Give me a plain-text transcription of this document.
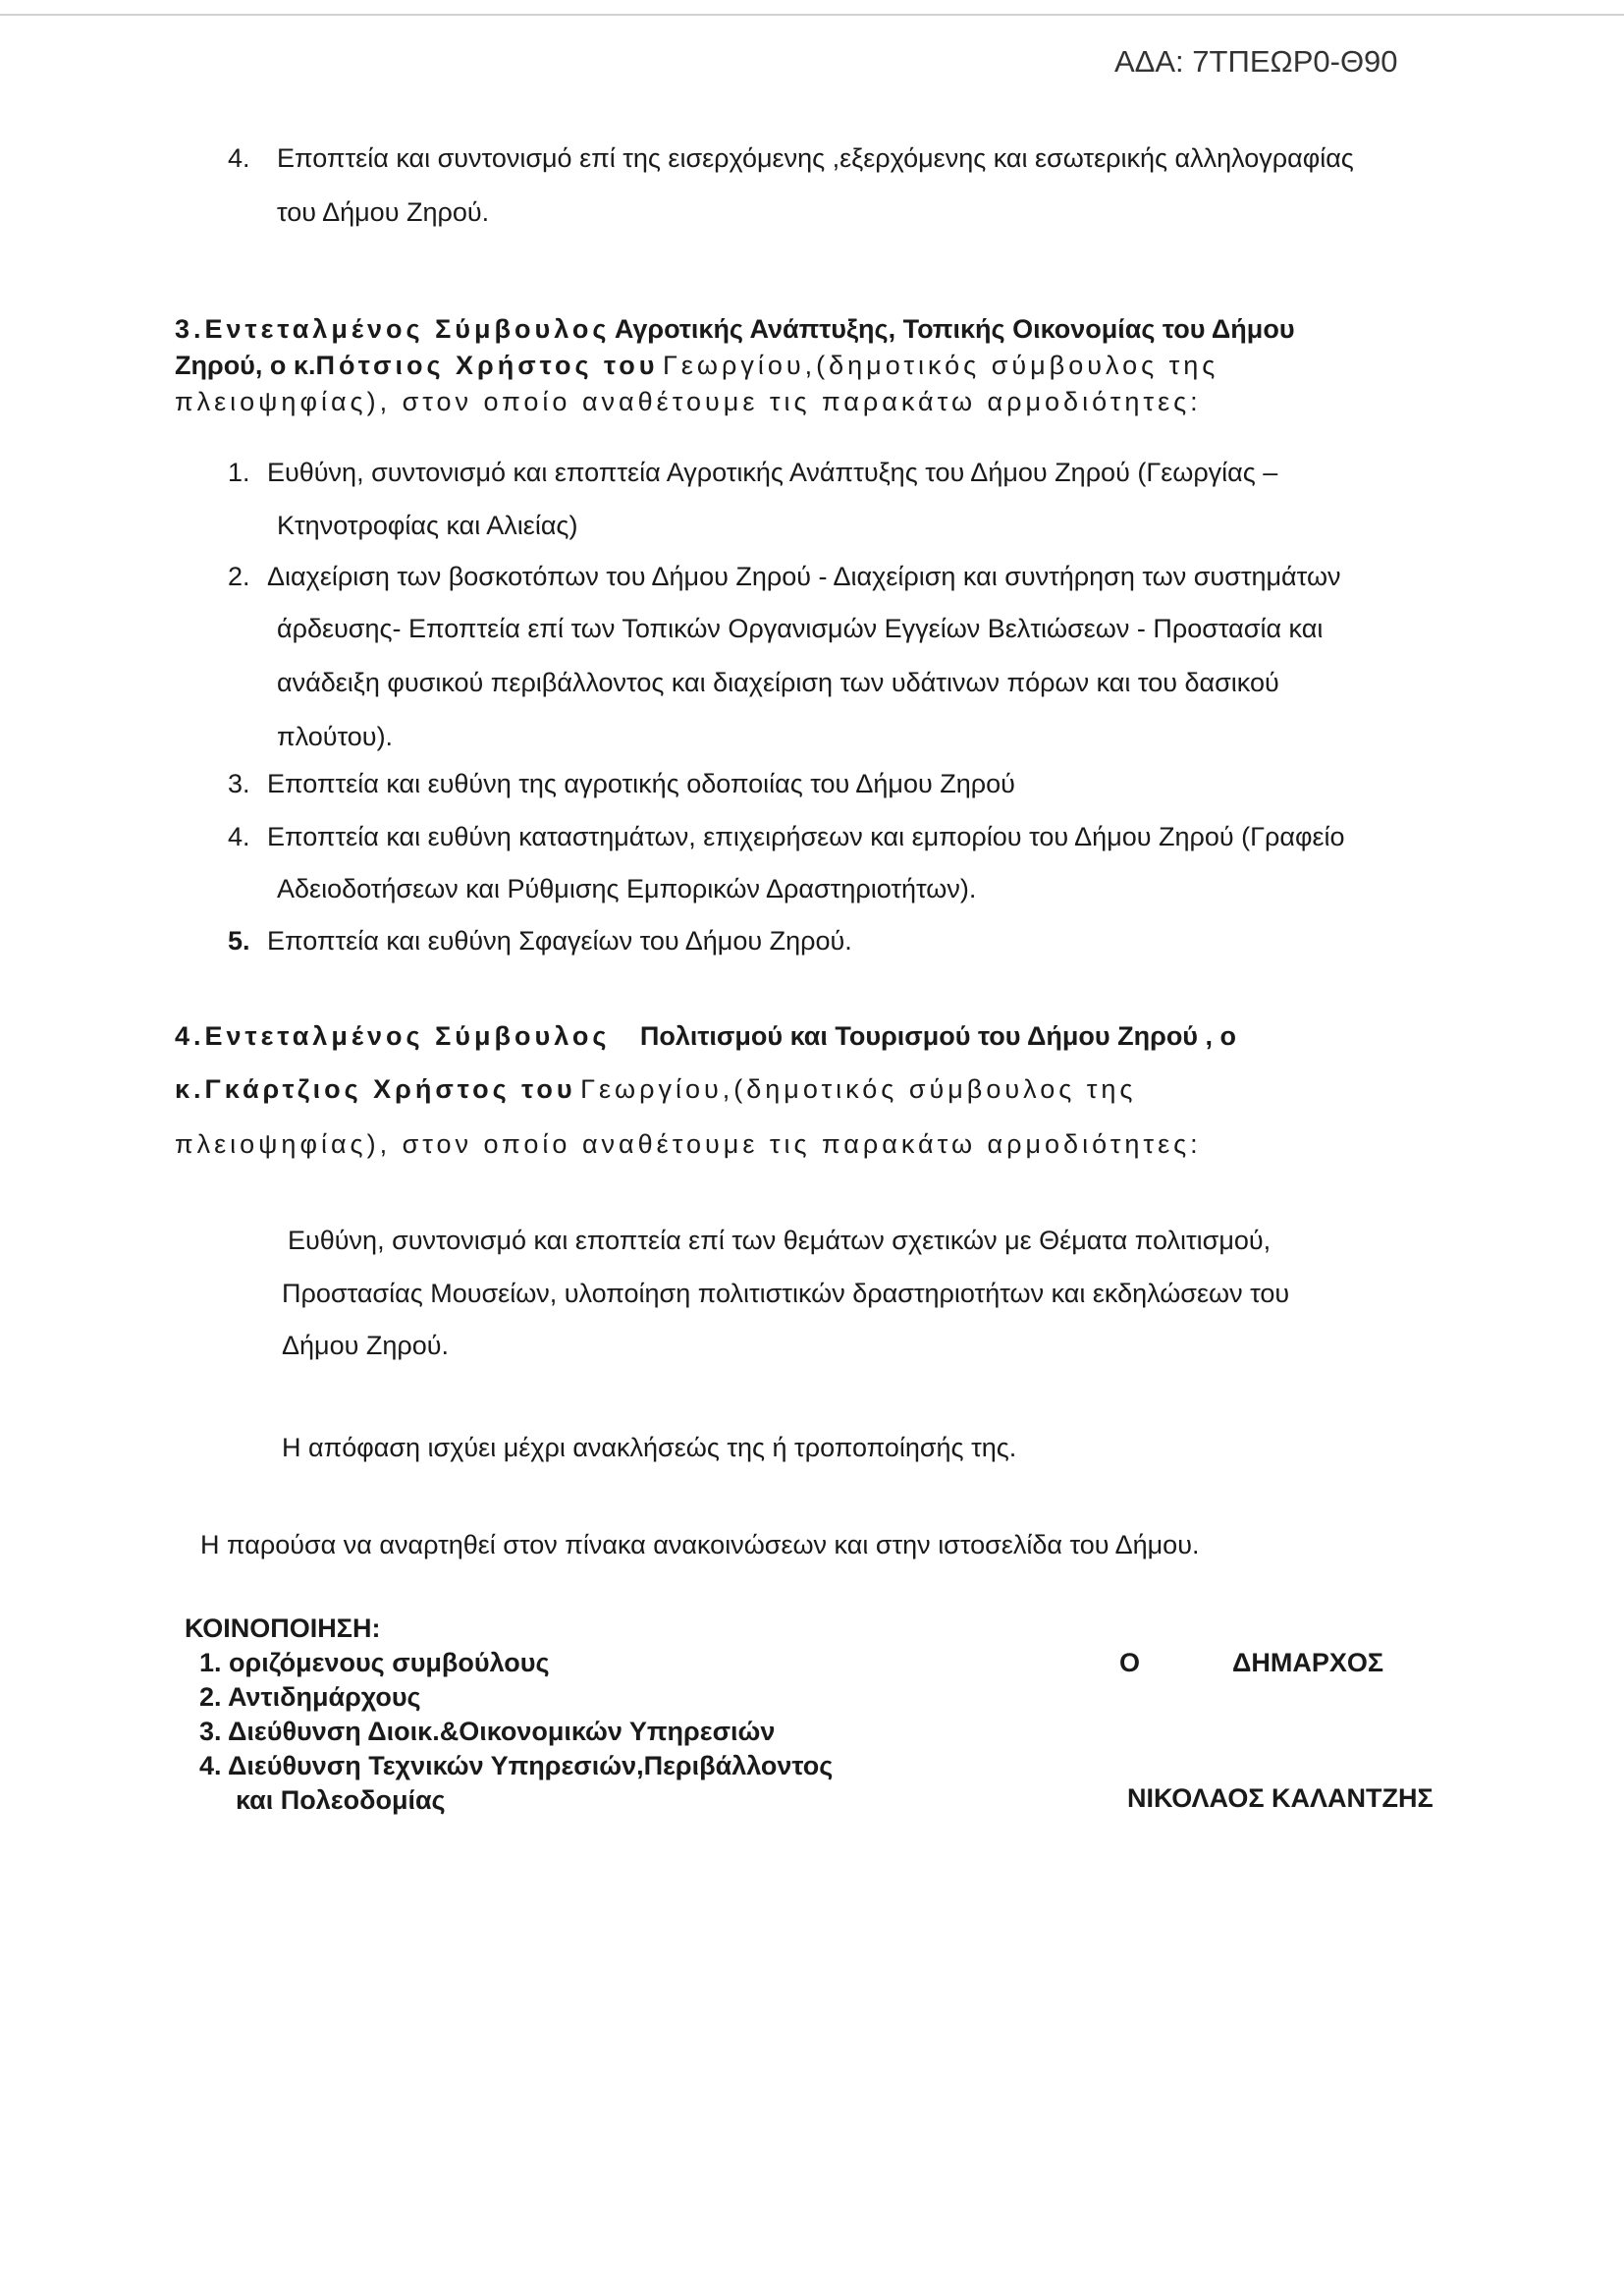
ΑΔΑ: 7ΤΠΕΩΡ0-Θ90
4. Εποπτεία και συντονισμό επί της εισερχόμενης ,εξερχόμενης και εσωτερικής αλληλογραφίας
του Δήμου Ζηρού.
3.Εντεταλμένος Σύμβουλος Αγροτικής Ανάπτυξης, Τοπικής Οικονομίας του Δήμου
Ζηρού, ο κ.Πότσιος Χρήστος του Γεωργίου,(δημοτικός σύμβουλος της
πλειοψηφίας), στον οποίο αναθέτουμε τις παρακάτω αρμοδιότητες:
1. Ευθύνη, συντονισμό και εποπτεία Αγροτικής Ανάπτυξης του Δήμου Ζηρού (Γεωργίας –
Κτηνοτροφίας και Αλιείας)
2. Διαχείριση των βοσκοτόπων του Δήμου Ζηρού - Διαχείριση και συντήρηση των συστημάτων
άρδευσης- Εποπτεία επί των Τοπικών Οργανισμών Εγγείων Βελτιώσεων - Προστασία και
ανάδειξη φυσικού περιβάλλοντος και διαχείριση των υδάτινων πόρων και του δασικού
πλούτου).
3. Εποπτεία και ευθύνη της αγροτικής οδοποιίας του Δήμου Ζηρού
4. Εποπτεία και ευθύνη καταστημάτων, επιχειρήσεων και εμπορίου του Δήμου Ζηρού (Γραφείο
Αδειοδοτήσεων και Ρύθμισης Εμπορικών Δραστηριοτήτων).
5. Εποπτεία και ευθύνη Σφαγείων του Δήμου Ζηρού.
4.Εντεταλμένος Σύμβουλος Πολιτισμού και Τουρισμού του Δήμου Ζηρού , ο
κ.Γκάρτζιος Χρήστος του Γεωργίου,(δημοτικός σύμβουλος της
πλειοψηφίας), στον οποίο αναθέτουμε τις παρακάτω αρμοδιότητες:
Ευθύνη, συντονισμό και εποπτεία επί των θεμάτων σχετικών με Θέματα πολιτισμού,
Προστασίας Μουσείων, υλοποίηση πολιτιστικών δραστηριοτήτων και εκδηλώσεων του
Δήμου Ζηρού.
Η απόφαση ισχύει μέχρι ανακλήσεώς της ή τροποποίησής της.
Η παρούσα να αναρτηθεί στον πίνακα ανακοινώσεων και στην ιστοσελίδα του Δήμου.
ΚΟΙΝΟΠΟΙΗΣΗ:
1. οριζόμενους συμβούλους
2. Αντιδημάρχους
3. Διεύθυνση Διοικ.&Οικονομικών Υπηρεσιών
4. Διεύθυνση Τεχνικών Υπηρεσιών,Περιβάλλοντος
και Πολεοδομίας
Ο	ΔΗΜΑΡΧΟΣ
ΝΙΚΟΛΑΟΣ ΚΑΛΑΝΤΖΗΣ
